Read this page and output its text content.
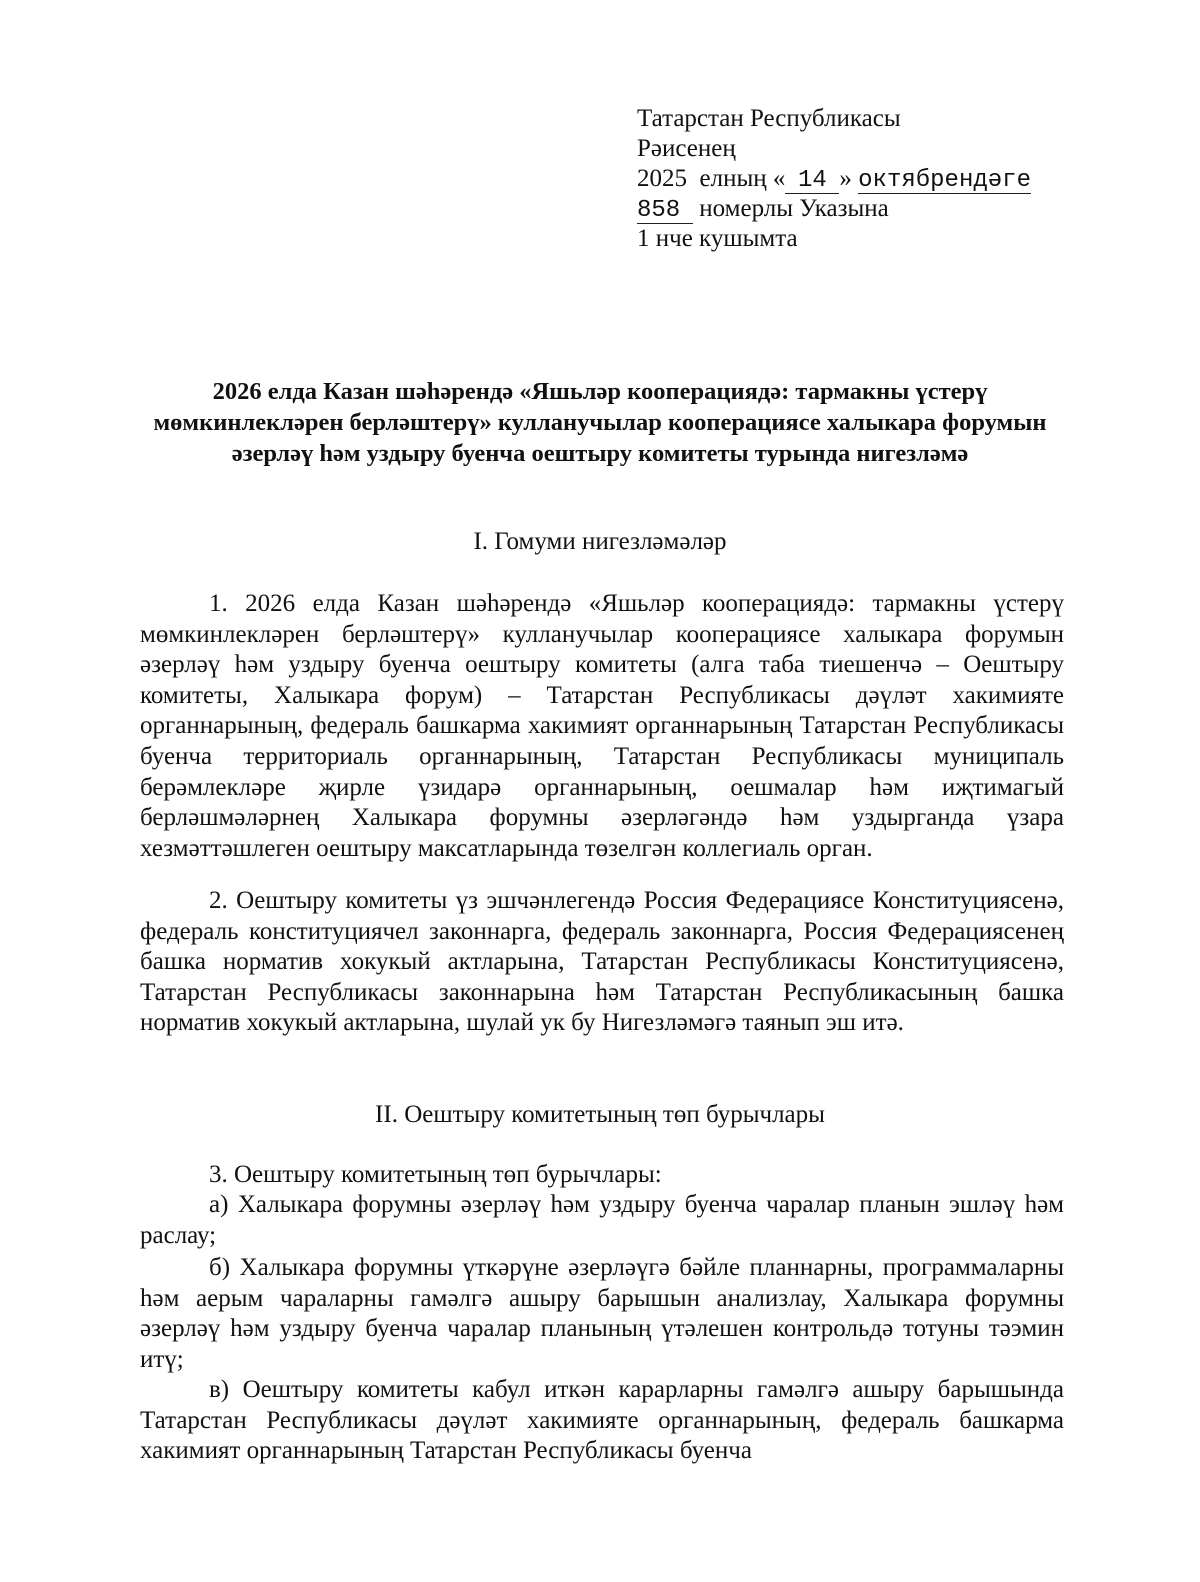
Татарстан Республикасы
Рәисенең
2025 елның « 14 » октябрендәге
858 номерлы Указына
1 нче кушымта
2026 елда Казан шәһәрендә «Яшьләр кооперациядә: тармакны үстерү мөмкинлекләрен берләштерү» кулланучылар кооперациясе халыкара форумын әзерләү һәм уздыру буенча оештыру комитеты турында нигезләмә
I. Гомуми нигезләмәләр
1. 2026 елда Казан шәһәрендә «Яшьләр кооперациядә: тармакны үстерү мөмкинлекләрен берләштерү» кулланучылар кооперациясе халыкара форумын әзерләү һәм уздыру буенча оештыру комитеты (алга таба тиешенчә – Оештыру комитеты, Халыкара форум) – Татарстан Республикасы дәүләт хакимияте органнарының, федераль башкарма хакимият органнарының Татарстан Республикасы буенча территориаль органнарының, Татарстан Республикасы муниципаль берәмлекләре җирле үзидарә органнарының, оешмалар һәм иҗтимагый берләшмәләрнең Халыкара форумны әзерләгәндә һәм уздырганда үзара хезмәттәшлеген оештыру максатларында төзелгән коллегиаль орган.
2. Оештыру комитеты үз эшчәнлегендә Россия Федерациясе Конституциясенә, федераль конституциячел законнарга, федераль законнарга, Россия Федерациясенең башка норматив хокукый актларына, Татарстан Республикасы Конституциясенә, Татарстан Республикасы законнарына һәм Татарстан Республикасының башка норматив хокукый актларына, шулай ук бу Нигезләмәгә таянып эш итә.
II. Оештыру комитетының төп бурычлары
3. Оештыру комитетының төп бурычлары:
а) Халыкара форумны әзерләү һәм уздыру буенча чаралар планын эшләү һәм раслау;
б) Халыкара форумны үткәрүне әзерләүгә бәйле планнарны, программаларны һәм аерым чараларны гамәлгә ашыру барышын анализлау, Халыкара форумны әзерләү һәм уздыру буенча чаралар планының үтәлешен контрольдә тотуны тәэмин итү;
в) Оештыру комитеты кабул иткән карарларны гамәлгә ашыру барышында Татарстан Республикасы дәүләт хакимияте органнарының, федераль башкарма хакимият органнарының Татарстан Республикасы буенча
